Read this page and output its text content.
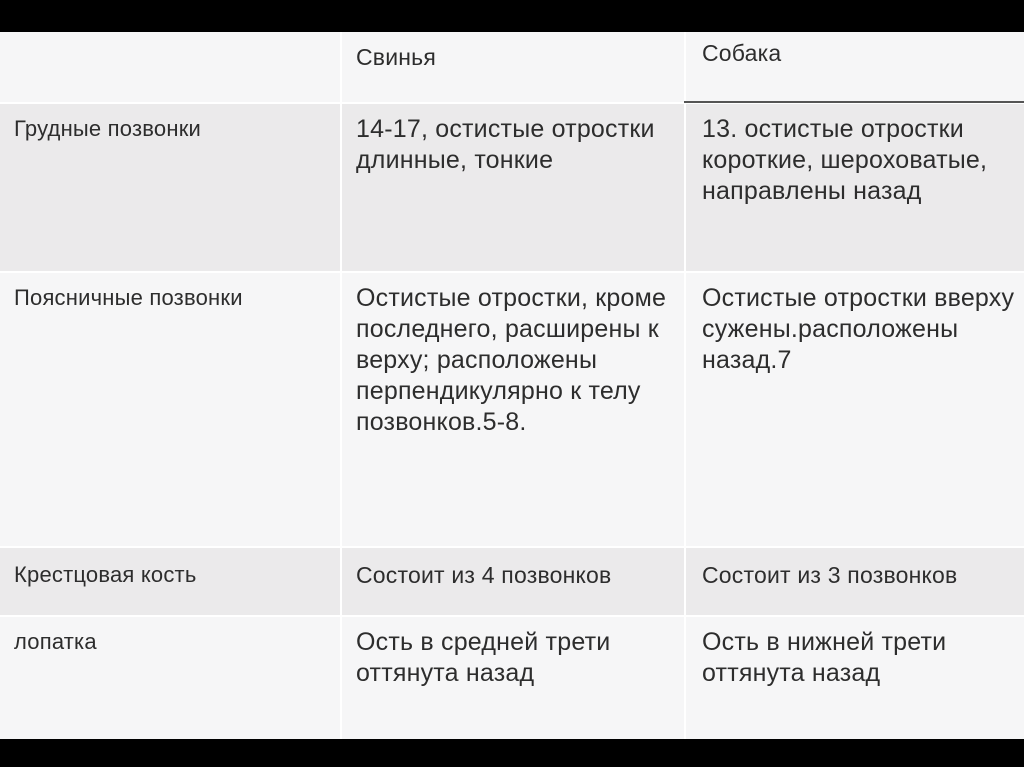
	Свинья	Собака

Грудные позвонки	14-17, остистые отростки длинные, тонкие	13. остистые отростки короткие, шероховатые, направлены назад

Поясничные позвонки	Остистые отростки, кроме последнего, расширены к верху; расположены перпендикулярно к телу позвонков.5-8.	Остистые отростки вверху сужены.расположены назад.7

Крестцовая кость	Состоит из 4 позвонков	Состоит из 3 позвонков

лопатка	Ость в средней трети оттянута назад	Ость в нижней трети оттянута назад
